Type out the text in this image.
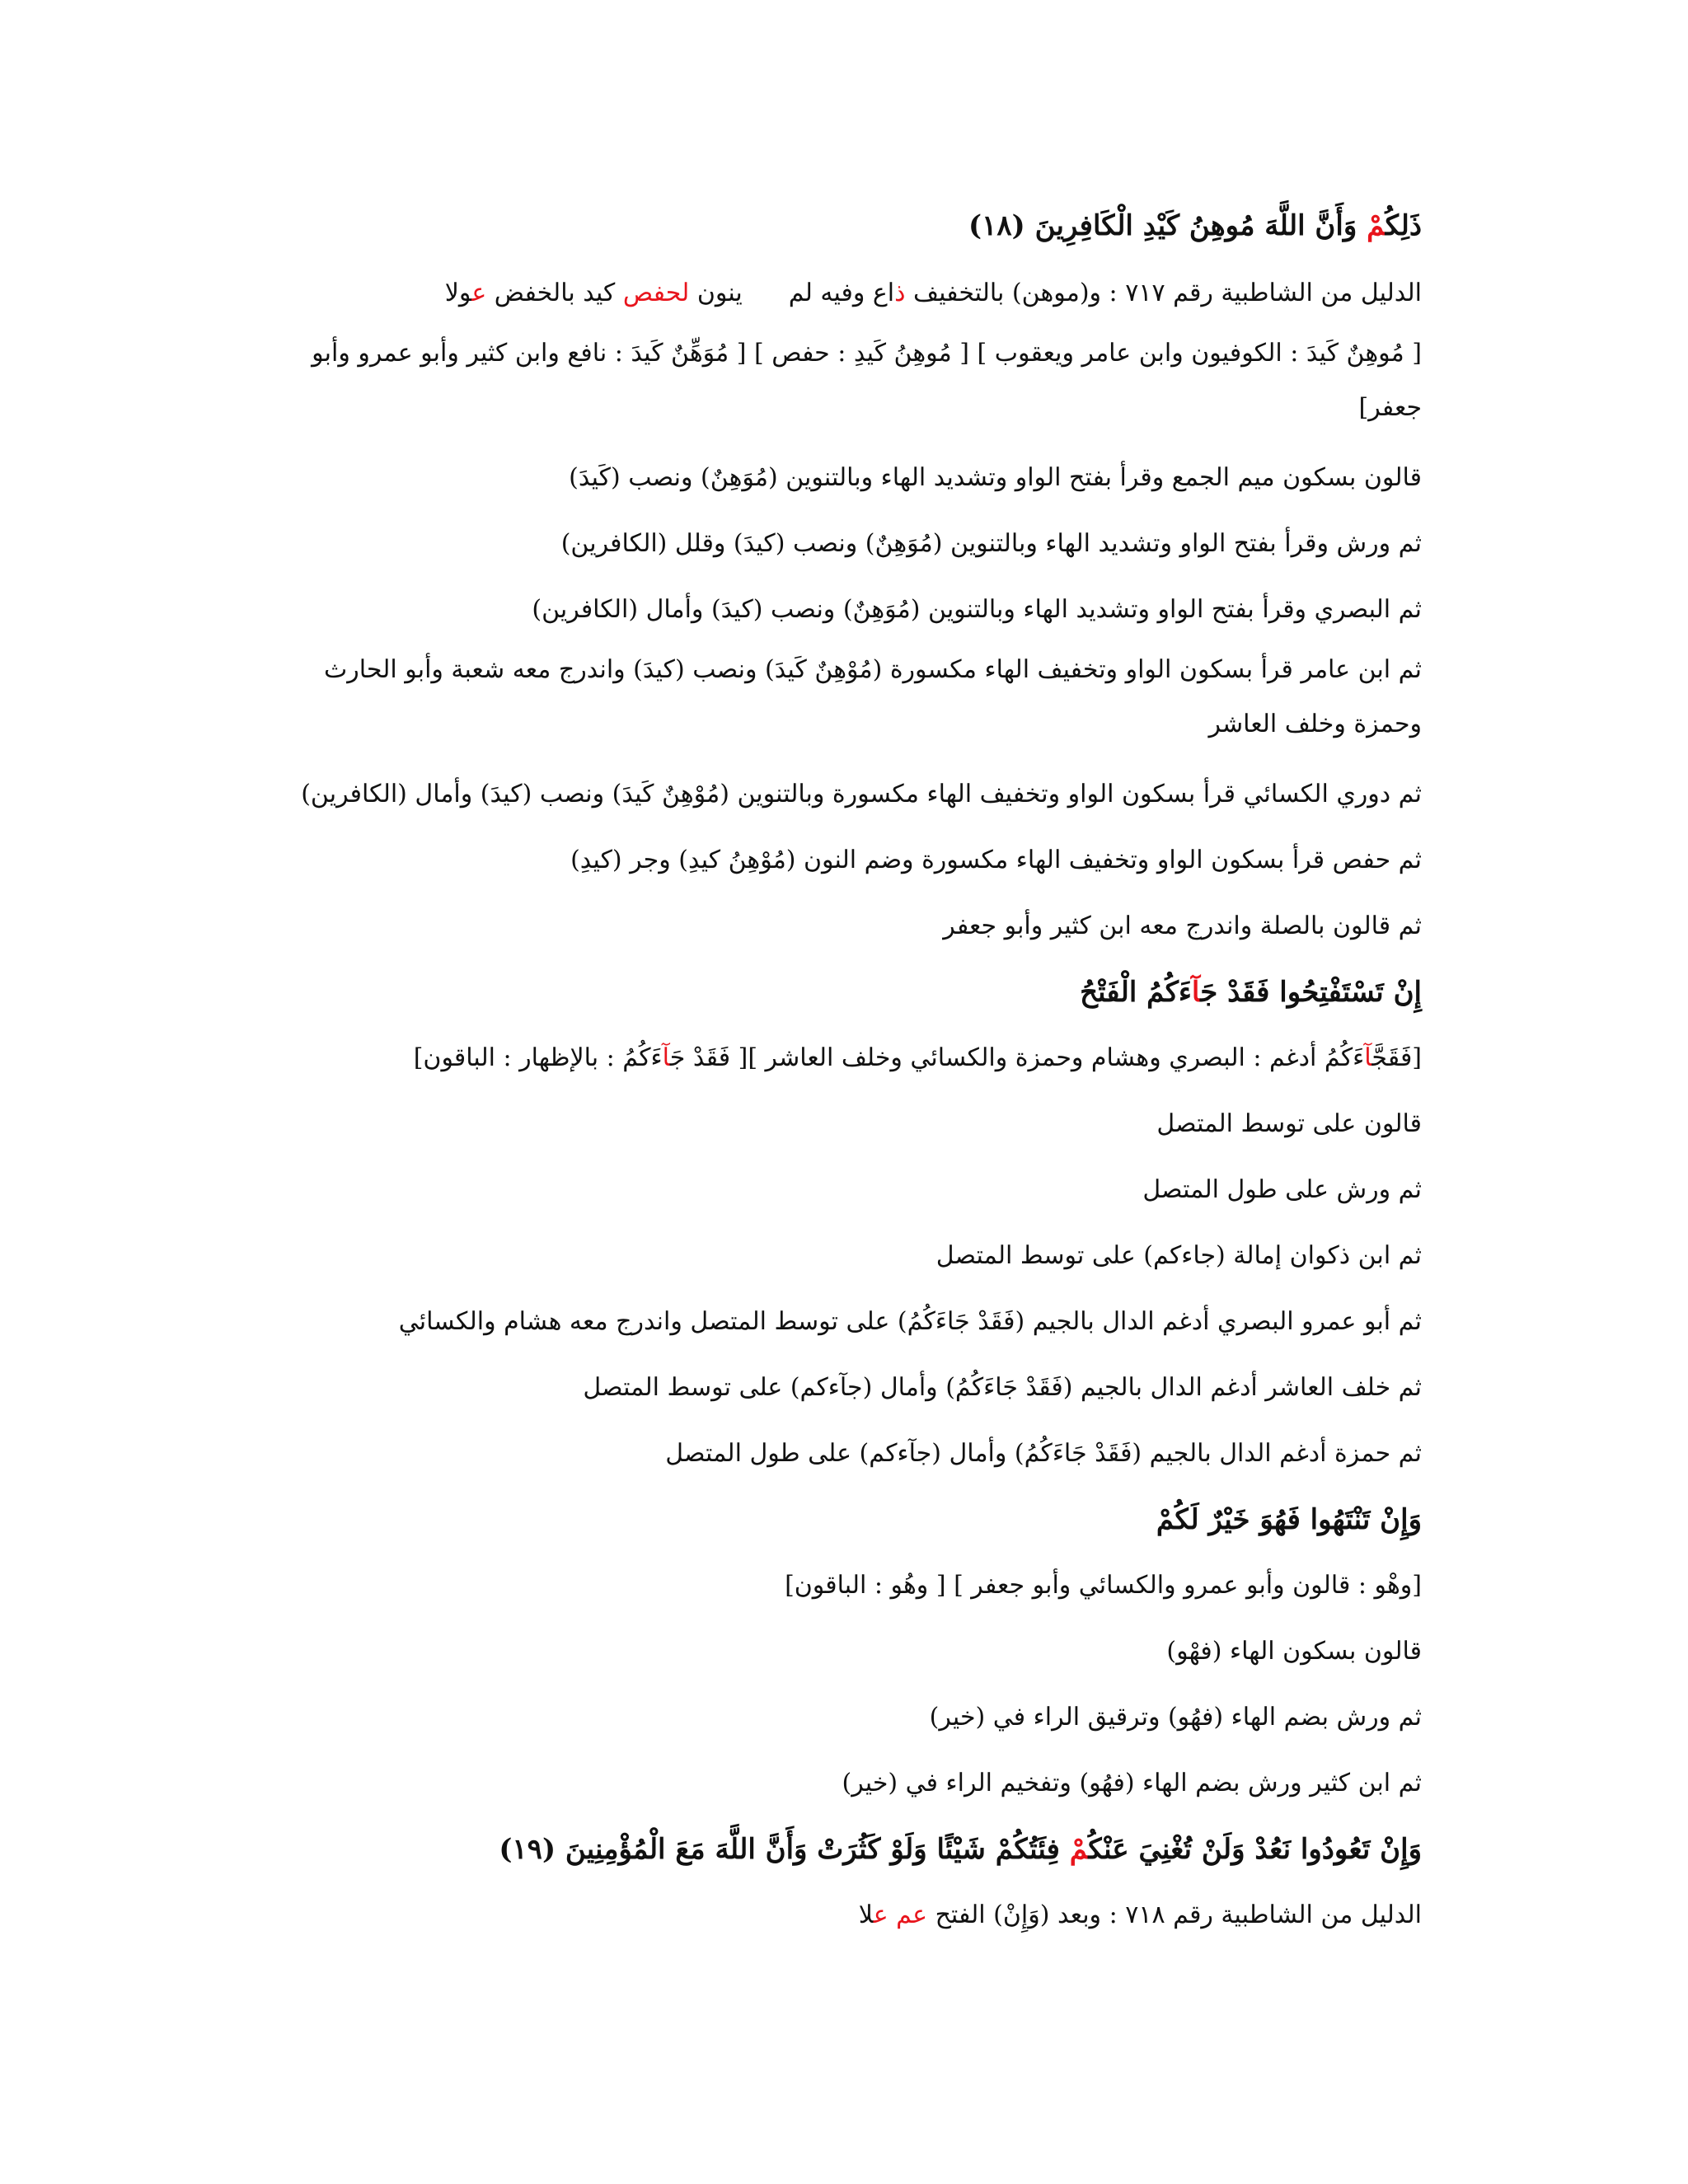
ذَلِكُمْ وَأَنَّ اللَّهَ مُوهِنُ كَيْدِ الْكَافِرِينَ (١٨)
الدليل من الشاطبية رقم ٧١٧ : و(موهن) بالتخفيف ذاع وفيه لمينون لحفص كيد بالخفض عولا
[ مُوهِنٌ كَيدَ : الكوفيون وابن عامر ويعقوب ] [ مُوهِنُ كَيدِ : حفص ] [ مُوَهِّنٌ كَيدَ : نافع وابن كثير وأبو عمرو وأبو جعفر]
قالون بسكون ميم الجمع وقرأ بفتح الواو وتشديد الهاء وبالتنوين (مُوَهِنٌ) ونصب (كَيدَ)
ثم ورش وقرأ بفتح الواو وتشديد الهاء وبالتنوين (مُوَهِنٌ) ونصب (كيدَ) وقلل (الكافرين)
ثم البصري وقرأ بفتح الواو وتشديد الهاء وبالتنوين (مُوَهِنٌ) ونصب (كيدَ) وأمال (الكافرين)
ثم ابن عامر قرأ بسكون الواو وتخفيف الهاء مكسورة (مُوْهِنٌ كَيدَ) ونصب (كيدَ) واندرج معه شعبة وأبو الحارث وحمزة وخلف العاشر
ثم دوري الكسائي قرأ بسكون الواو وتخفيف الهاء مكسورة وبالتنوين (مُوْهِنٌ كَيدَ) ونصب (كيدَ) وأمال (الكافرين)
ثم حفص قرأ بسكون الواو وتخفيف الهاء مكسورة وضم النون (مُوْهِنُ كيدِ) وجر (كيدِ)
ثم قالون بالصلة واندرج معه ابن كثير وأبو جعفر
إِنْ تَسْتَفْتِحُوا فَقَدْ جَآءَكُمُ الْفَتْحُ
[فَقَجَّآءَكُمُ أدغم : البصري وهشام وحمزة والكسائي وخلف العاشر ][ فَقَدْ جَآءَكُمُ : بالإظهار : الباقون]
قالون على توسط المتصل
ثم ورش على طول المتصل
ثم ابن ذكوان إمالة (جاءكم) على توسط المتصل
ثم أبو عمرو البصري أدغم الدال بالجيم (فَقَدْ جَاءَكُمُ) على توسط المتصل واندرج معه هشام والكسائي
ثم خلف العاشر أدغم الدال بالجيم (فَقَدْ جَاءَكُمُ) وأمال (جآءكم) على توسط المتصل
ثم حمزة أدغم الدال بالجيم (فَقَدْ جَاءَكُمُ) وأمال (جآءكم) على طول المتصل
وَإِنْ تَنْتَهُوا فَهُوَ خَيْرٌ لَكُمْ
[وهْو : قالون وأبو عمرو والكسائي وأبو جعفر ] [ وهُو : الباقون]
قالون بسكون الهاء (فهْو)
ثم ورش بضم الهاء (فهُو) وترقيق الراء في (خير)
ثم ابن كثير ورش بضم الهاء (فهُو) وتفخيم الراء في (خير)
وَإِنْ تَعُودُوا نَعُدْ وَلَنْ تُغْنِيَ عَنْكُمْ فِئَتُكُمْ شَيْئًا وَلَوْ كَثُرَتْ وَأَنَّ اللَّهَ مَعَ الْمُؤْمِنِينَ (١٩)
الدليل من الشاطبية رقم ٧١٨ : وبعد (وَإِنْ) الفتح عم علا
